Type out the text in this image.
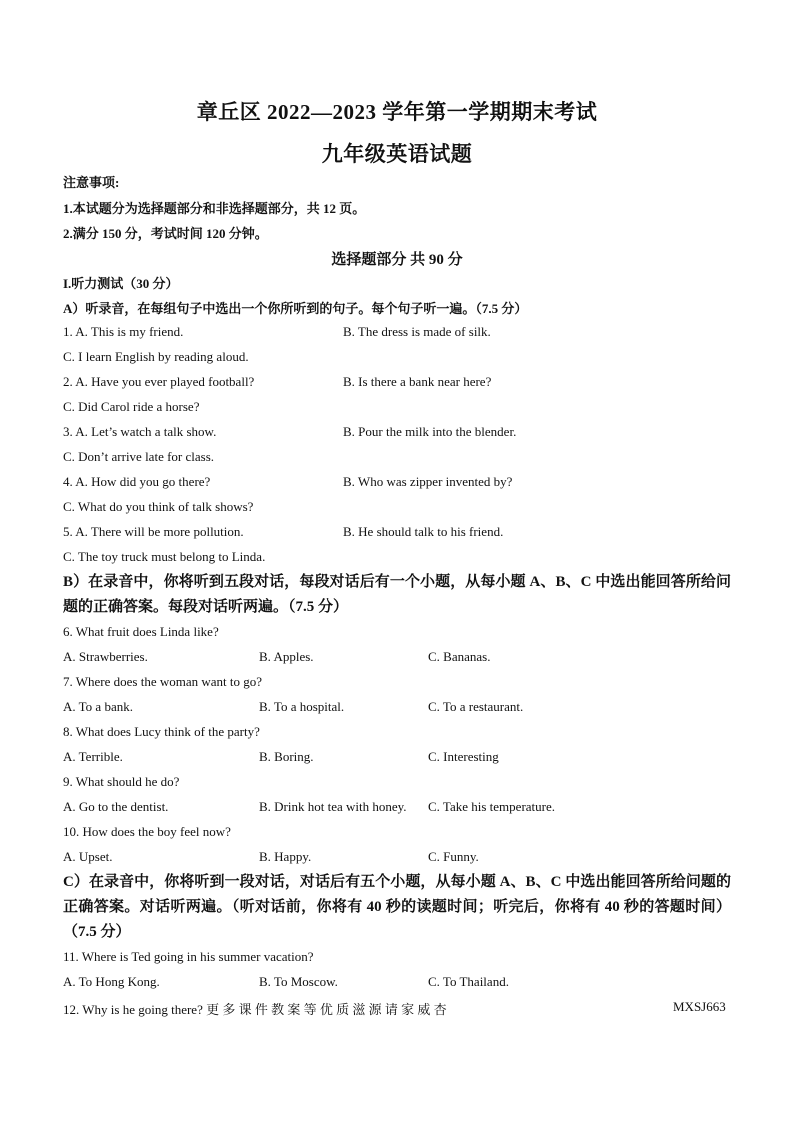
章丘区 2022—2023 学年第一学期期末考试
九年级英语试题
注意事项:
1.本试题分为选择题部分和非选择题部分，共 12 页。
2.满分 150 分，考试时间 120 分钟。
选择题部分 共 90 分
I.听力测试（30 分）
A）听录音，在每组句子中选出一个你所听到的句子。每个句子听一遍。（7.5 分）
1. A. This is my friend.	B. The dress is made of silk.
C. I learn English by reading aloud.
2. A. Have you ever played football?	B. Is there a bank near here?
C. Did Carol ride a horse?
3. A. Let’s watch a talk show.	B. Pour the milk into the blender.
C. Don’t arrive late for class.
4. A. How did you go there?	B. Who was zipper invented by?
C. What do you think of talk shows?
5. A. There will be more pollution.	B. He should talk to his friend.
C. The toy truck must belong to Linda.
B）在录音中，你将听到五段对话，每段对话后有一个小题，从每小题 A、B、C 中选出能回答所给问题的正确答案。每段对话听两遍。（7.5 分）
6. What fruit does Linda like?
A. Strawberries.	B. Apples.	C. Bananas.
7. Where does the woman want to go?
A. To a bank.	B. To a hospital.	C. To a restaurant.
8. What does Lucy think of the party?
A. Terrible.	B. Boring.	C. Interesting
9. What should he do?
A. Go to the dentist.	B. Drink hot tea with honey. C. Take his temperature.
10. How does the boy feel now?
A. Upset.	B. Happy.	C. Funny.
C）在录音中，你将听到一段对话，对话后有五个小题，从每小题 A、B、C 中选出能回答所给问题的正确答案。对话听两遍。（听对话前，你将有 40 秒的读题时间；听完后，你将有 40 秒的答题时间）（7.5 分）
11. Where is Ted going in his summer vacation?
A. To Hong Kong.	B. To Moscow.	C. To Thailand.
12. Why is he going there? 更 多 课 件 教 案 等 优 质 滋 源 请 家 威 杏	MXSJ663
